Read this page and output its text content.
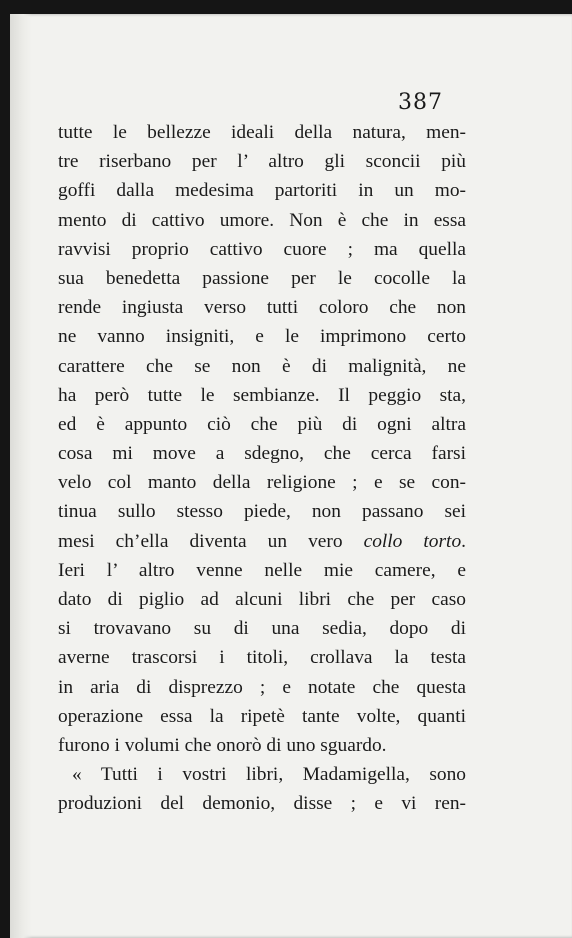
387
tutte le bellezze ideali della natura, men-
tre riserbano per l’ altro gli sconcii più
goffi dalla medesima partoriti in un mo-
mento di cattivo umore. Non è che in essa
ravvisi proprio cattivo cuore ; ma quella
sua benedetta passione per le cocolle la
rende ingiusta verso tutti coloro che non
ne vanno insigniti, e le imprimono certo
carattere che se non è di malignità, ne
ha però tutte le sembianze. Il peggio sta,
ed è appunto ciò che più di ogni altra
cosa mi move a sdegno, che cerca farsi
velo col manto della religione ; e se con-
tinua sullo stesso piede, non passano sei
mesi ch’ella diventa un vero collo torto.
Ieri l’ altro venne nelle mie camere, e
dato di piglio ad alcuni libri che per caso
si trovavano su di una sedia, dopo di
averne trascorsi i titoli, crollava la testa
in aria di disprezzo ; e notate che questa
operazione essa la ripetè tante volte, quanti
furono i volumi che onorò di uno sguardo.
« Tutti i vostri libri, Madamigella, sono
produzioni del demonio, disse ; e vi ren-
